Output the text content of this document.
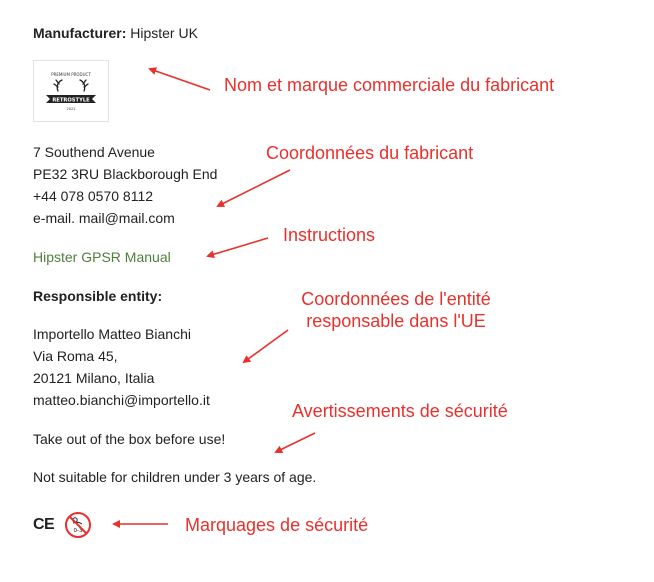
Manufacturer: Hipster UK
PREMIUM PRODUCT
RETROSTYLE
2021
7 Southend Avenue
PE32 3RU Blackborough End
+44 078 0570 8112
e-mail. mail@mail.com
Hipster GPSR Manual
Responsible entity:
Importello Matteo Bianchi
Via Roma 45,
20121 Milano, Italia
matteo.bianchi@importello.it
Take out of the box before use!
Not suitable for children under 3 years of age.
CE	0-3
Nom et marque commerciale du fabricant
Coordonnées du fabricant
Instructions
Coordonnées de l'entité
responsable dans l'UE
Avertissements de sécurité
Marquages de sécurité
